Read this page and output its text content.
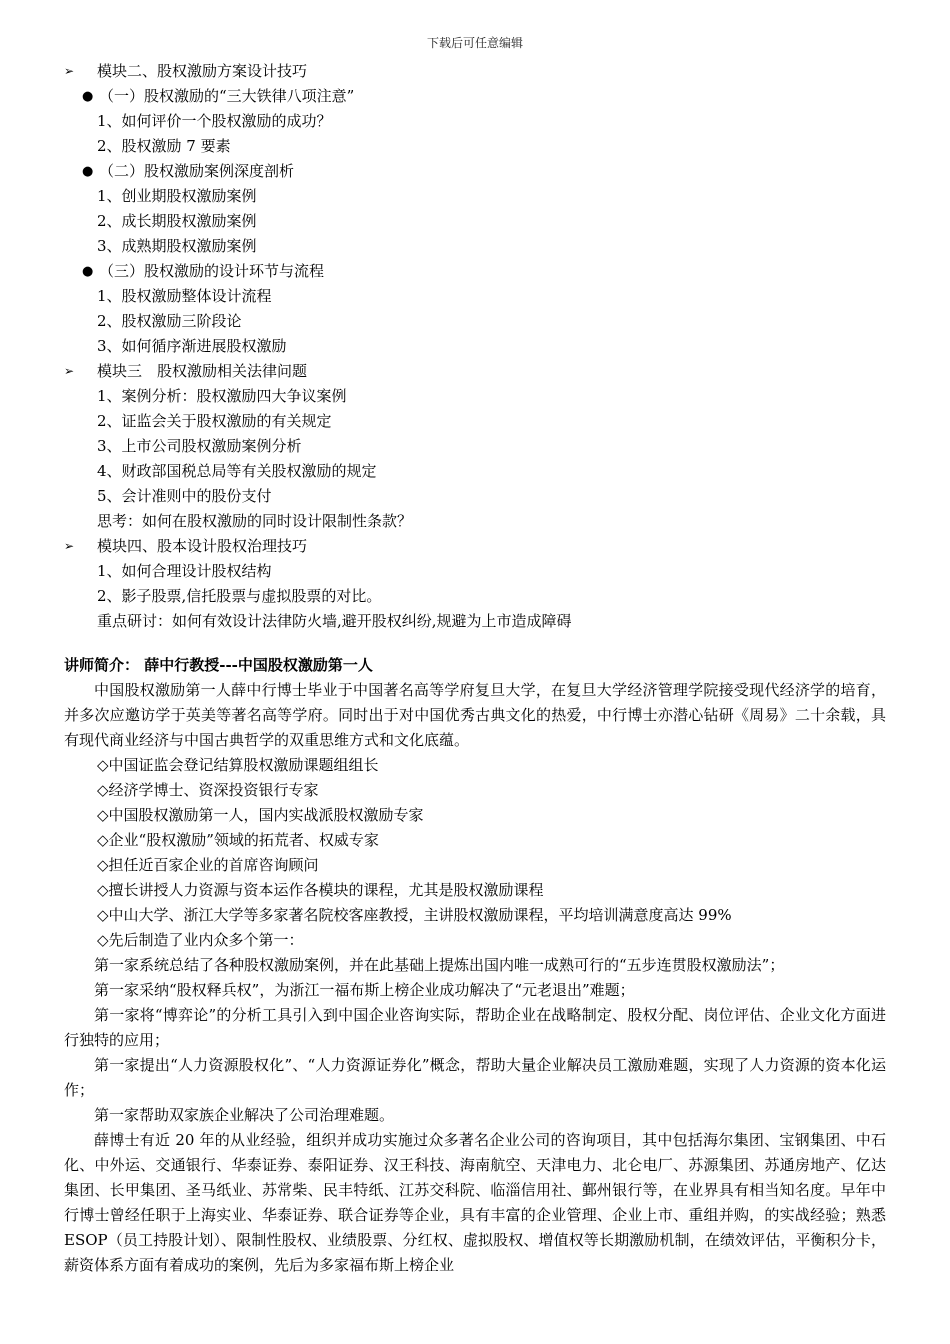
下载后可任意编辑
➢ 模块二、股权激励方案设计技巧
● （一）股权激励的“三大铁律八项注意”
1、如何评价一个股权激励的成功？
2、股权激励 7 要素
● （二）股权激励案例深度剖析
1、创业期股权激励案例
2、成长期股权激励案例
3、成熟期股权激励案例
● （三）股权激励的设计环节与流程
1、股权激励整体设计流程
2、股权激励三阶段论
3、如何循序渐进展股权激励
➢ 模块三　股权激励相关法律问题
1、案例分析：股权激励四大争议案例
2、证监会关于股权激励的有关规定
3、上市公司股权激励案例分析
4、财政部国税总局等有关股权激励的规定
5、会计准则中的股份支付
思考：如何在股权激励的同时设计限制性条款？
➢ 模块四、股本设计股权治理技巧
1、如何合理设计股权结构
2、影子股票,信托股票与虚拟股票的对比。
重点研讨：如何有效设计法律防火墙,避开股权纠纷,规避为上市造成障碍
讲师简介： 薛中行教授---中国股权激励第一人

中国股权激励第一人薛中行博士毕业于中国著名高等学府复旦大学，在复旦大学经济管理学院接受现代经济学的培育，并多次应邀访学于英美等著名高等学府。同时出于对中国优秀古典文化的热爱，中行博士亦潜心钻研《周易》二十余载，具有现代商业经济与中国古典哲学的双重思维方式和文化底蕴。

◇中国证监会登记结算股权激励课题组组长
◇经济学博士、资深投资银行专家
◇中国股权激励第一人，国内实战派股权激励专家
◇企业“股权激励”领域的拓荒者、权威专家
◇担任近百家企业的首席咨询顾问
◇擅长讲授人力资源与资本运作各模块的课程，尤其是股权激励课程
◇中山大学、浙江大学等多家著名院校客座教授，主讲股权激励课程，平均培训满意度高达 99%
◇先后制造了业内众多个第一：

第一家系统总结了各种股权激励案例，并在此基础上提炼出国内唯一成熟可行的“五步连贯股权激励法”；

第一家采纳“股权释兵权”，为浙江一福布斯上榜企业成功解决了“元老退出”难题；

第一家将“博弈论”的分析工具引入到中国企业咨询实际，帮助企业在战略制定、股权分配、岗位评估、企业文化方面进行独特的应用；

第一家提出“人力资源股权化”、“人力资源证券化”概念，帮助大量企业解决员工激励难题，实现了人力资源的资本化运作；

第一家帮助双家族企业解决了公司治理难题。

薛博士有近 20 年的从业经验，组织并成功实施过众多著名企业公司的咨询项目，其中包括海尔集团、宝钢集团、中石化、中外运、交通银行、华泰证券、泰阳证券、汉王科技、海南航空、天津电力、北仑电厂、苏源集团、苏通房地产、亿达集团、长甲集团、圣马纸业、苏常柴、民丰特纸、江苏交科院、临淄信用社、鄞州银行等，在业界具有相当知名度。早年中行博士曾经任职于上海实业、华泰证券、联合证券等企业，具有丰富的企业管理、企业上市、重组并购，的实战经验；熟悉 ESOP（员工持股计划）、限制性股权、业绩股票、分红权、虚拟股权、增值权等长期激励机制，在绩效评估，平衡积分卡，薪资体系方面有着成功的案例，先后为多家福布斯上榜企业
